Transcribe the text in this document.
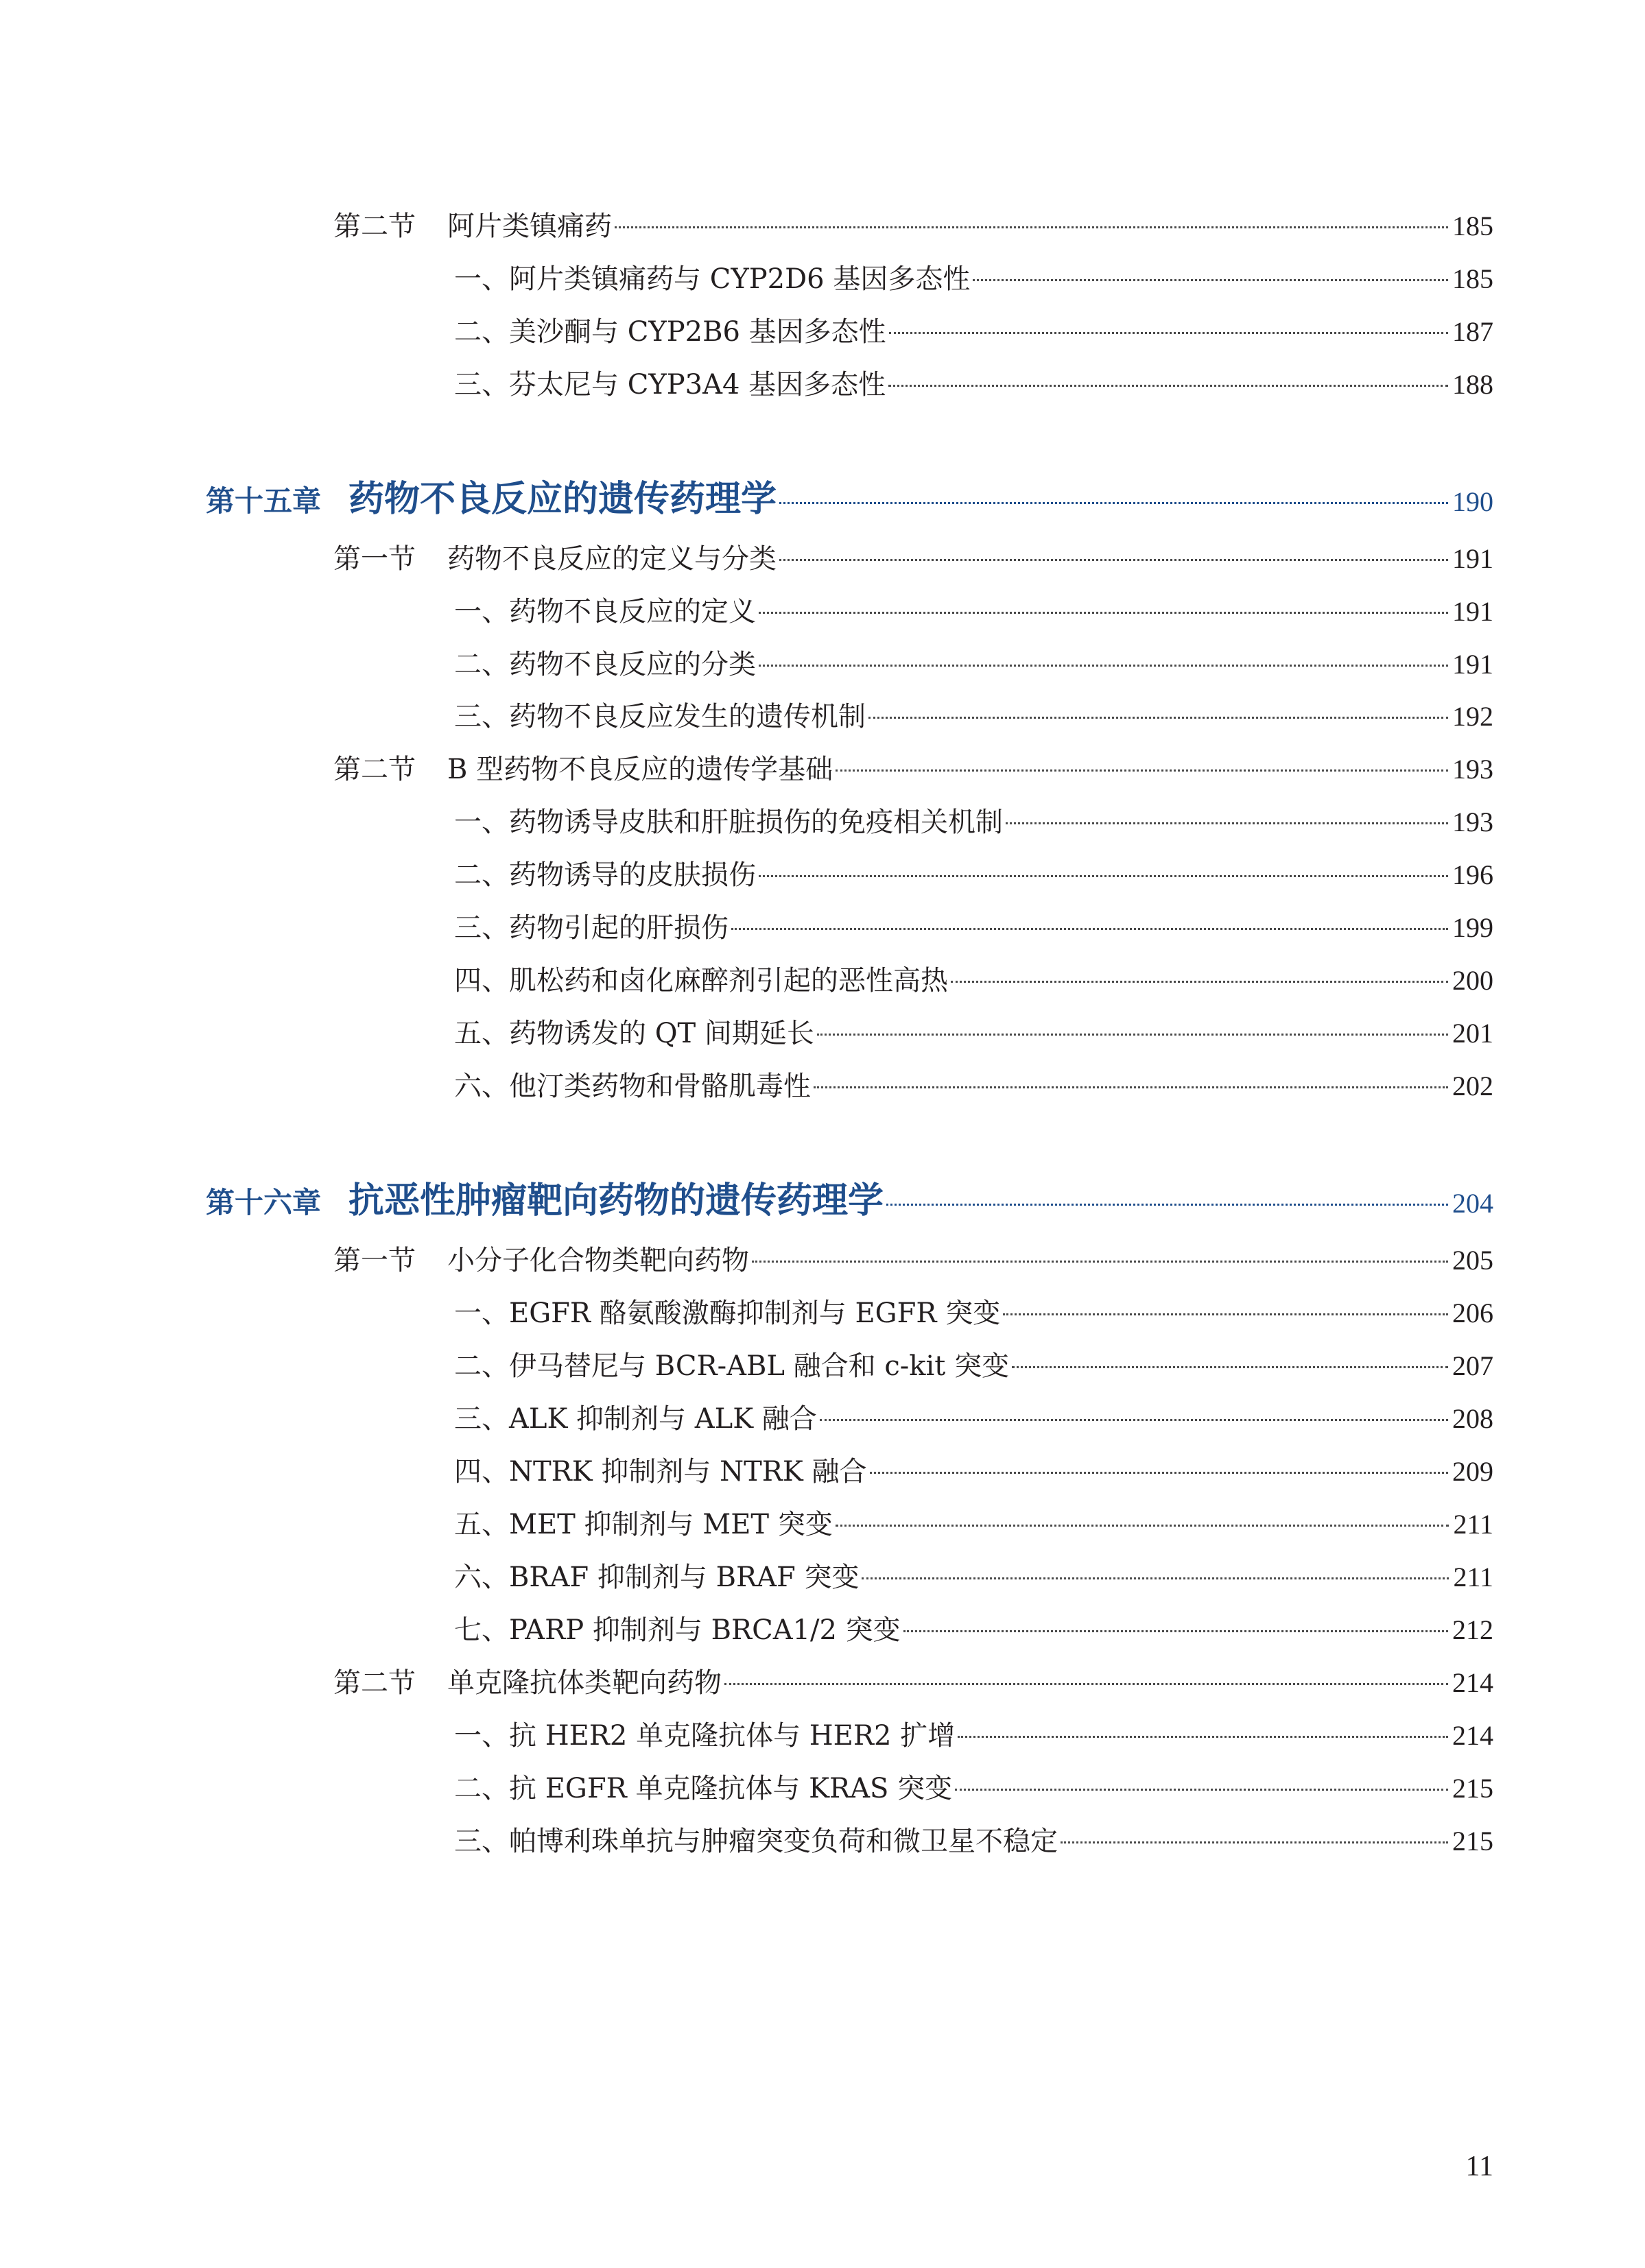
第二节 阿片类镇痛药	185
一、阿片类镇痛药与 CYP2D6 基因多态性	185
二、美沙酮与 CYP2B6 基因多态性	187
三、芬太尼与 CYP3A4 基因多态性	188
第十五章 药物不良反应的遗传药理学	190
第一节 药物不良反应的定义与分类	191
一、药物不良反应的定义	191
二、药物不良反应的分类	191
三、药物不良反应发生的遗传机制	192
第二节 B 型药物不良反应的遗传学基础	193
一、药物诱导皮肤和肝脏损伤的免疫相关机制	193
二、药物诱导的皮肤损伤	196
三、药物引起的肝损伤	199
四、肌松药和卤化麻醉剂引起的恶性高热	200
五、药物诱发的 QT 间期延长	201
六、他汀类药物和骨骼肌毒性	202
第十六章 抗恶性肿瘤靶向药物的遗传药理学	204
第一节 小分子化合物类靶向药物	205
一、EGFR 酪氨酸激酶抑制剂与 EGFR 突变	206
二、伊马替尼与 BCR-ABL 融合和 c-kit 突变	207
三、ALK 抑制剂与 ALK 融合	208
四、NTRK 抑制剂与 NTRK 融合	209
五、MET 抑制剂与 MET 突变	211
六、BRAF 抑制剂与 BRAF 突变	211
七、PARP 抑制剂与 BRCA1/2 突变	212
第二节 单克隆抗体类靶向药物	214
一、抗 HER2 单克隆抗体与 HER2 扩增	214
二、抗 EGFR 单克隆抗体与 KRAS 突变	215
三、帕博利珠单抗与肿瘤突变负荷和微卫星不稳定	215
11
